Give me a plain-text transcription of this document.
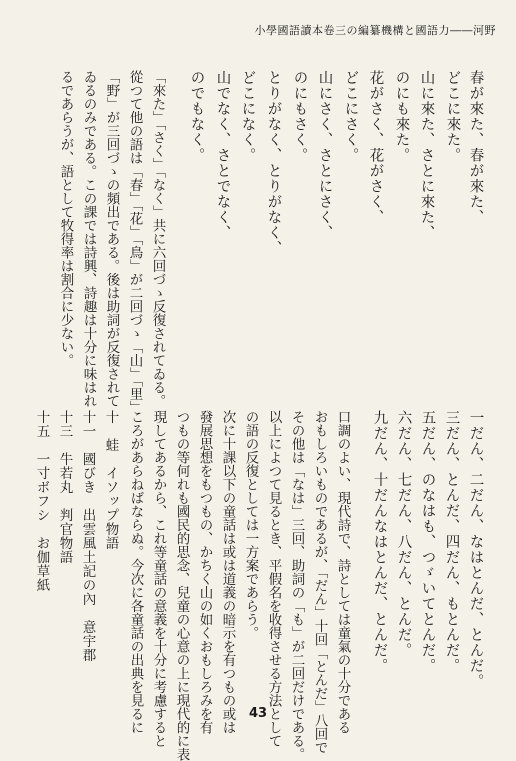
小學國語讀本卷三の編纂機構と國語力――河野
春が來た、春が來た、
どこに來た。
山に來た、さとに來た、
のにも來た。
花がさく、花がさく、
どこにさく。
山にさく、さとにさく、
のにもさく。
とりがなく、とりがなく、
どこになく。
山でなく、さとでなく、
のでもなく。
「來た」「さく」「なく」共に六回づゝ反復されてゐる。
從つて他の語は「春」「花」「鳥」が二回づゝ「山」「里」
「野」が三回づゝの頻出である。後は助詞が反復されて
ゐるのみである。この課では詩興、詩趣は十分に味はれ
るであらうが、語として牧得率は割合に少ない。
一だん、二だん、なはとんだ、とんだ。
三だん、とんだ、四だん、もとんだ。
五だん、のなはも、つゞいてとんだ。
六だん、七だん、八だん、とんだ。
九だん、十だんなはとんだ、とんだ。
口調のよい、現代詩で、詩としては童氣の十分である
おもしろいものであるが、「だん」十回「とんだ」八回で
その他は「なは」三回、助詞の「も」が二回だけである。
以上によつて見るとき、平假名を收得させる方法として
の語の反復としては一方案であらう。
次に十課以下の童話は或は道義の暗示を有つもの或は
發展思想をもつもの、かちく山の如くおもしろみを有
つもの等何れも國民的思念、兒童の心意の上に現代的に表
現してあるから、これ等童話の意義を十分に考慮すると
ころがあらねばならぬ。今次に各童話の出典を見るに
十　蛙　イソップ物語
十一　國びき　出雲風土記の內　意宇郡
十三　牛若丸　判官物語
十五　一寸ボフシ　お伽草紙
43
